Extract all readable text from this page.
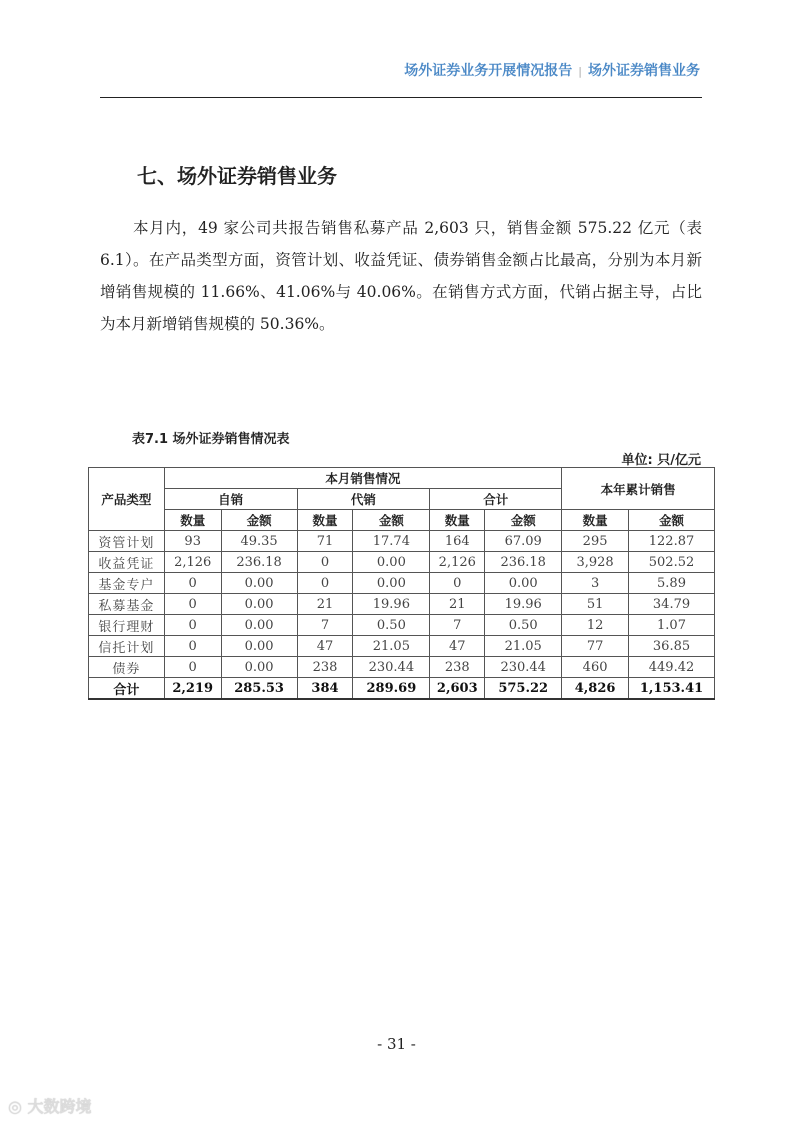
场外证券业务开展情况报告 | 场外证券销售业务
七、场外证券销售业务
本月内，49 家公司共报告销售私募产品 2,603 只，销售金额 575.22 亿元（表 6.1）。在产品类型方面，资管计划、收益凭证、债券销售金额占比最高，分别为本月新增销售规模的 11.66%、41.06%与 40.06%。在销售方式方面，代销占据主导，占比为本月新增销售规模的 50.36%。
表7.1 场外证券销售情况表
单位: 只/亿元
产品类型	本月销售情况						本年累计销售	
	自销		代销		合计			
	数量	金额	数量	金额	数量	金额	数量	金额
资管计划	93	49.35	71	17.74	164	67.09	295	122.87
收益凭证	2,126	236.18	0	0.00	2,126	236.18	3,928	502.52
基金专户	0	0.00	0	0.00	0	0.00	3	5.89
私募基金	0	0.00	21	19.96	21	19.96	51	34.79
银行理财	0	0.00	7	0.50	7	0.50	12	1.07
信托计划	0	0.00	47	21.05	47	21.05	77	36.85
债券	0	0.00	238	230.44	238	230.44	460	449.42
合计	2,219	285.53	384	289.69	2,603	575.22	4,826	1,153.41
- 31 -
◎ 大数跨境
